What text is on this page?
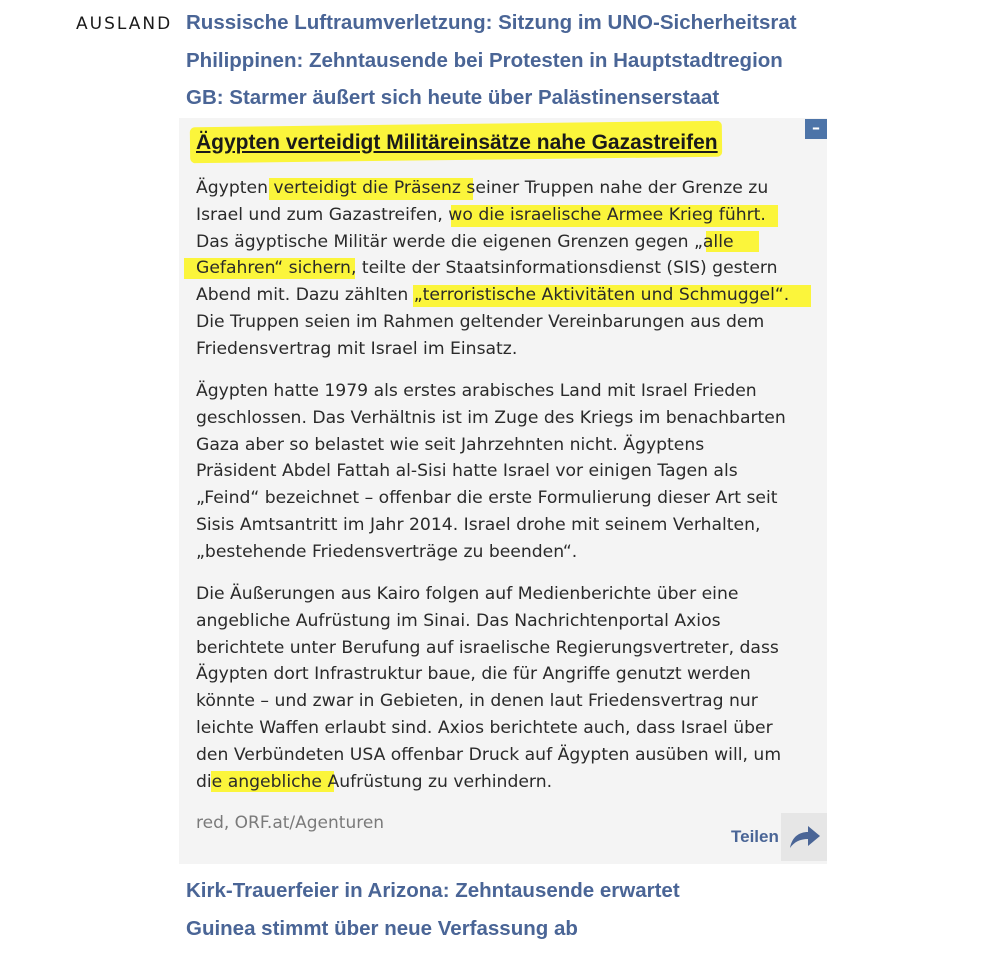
AUSLAND Russische Luftraumverletzung: Sitzung im UNO-Sicherheitsrat
Philippinen: Zehntausende bei Protesten in Hauptstadtregion
GB: Starmer äußert sich heute über Palästinenserstaat
–
Ägypten verteidigt Militäreinsätze nahe Gazastreifen
Ägypten verteidigt die Präsenz seiner Truppen nahe der Grenze zu
Israel und zum Gazastreifen, wo die israelische Armee Krieg führt.
Das ägyptische Militär werde die eigenen Grenzen gegen „alle
Gefahren“ sichern, teilte der Staatsinformationsdienst (SIS) gestern
Abend mit. Dazu zählten „terroristische Aktivitäten und Schmuggel“.
Die Truppen seien im Rahmen geltender Vereinbarungen aus dem
Friedensvertrag mit Israel im Einsatz.
Ägypten hatte 1979 als erstes arabisches Land mit Israel Frieden
geschlossen. Das Verhältnis ist im Zuge des Kriegs im benachbarten
Gaza aber so belastet wie seit Jahrzehnten nicht. Ägyptens
Präsident Abdel Fattah al-Sisi hatte Israel vor einigen Tagen als
„Feind“ bezeichnet – offenbar die erste Formulierung dieser Art seit
Sisis Amtsantritt im Jahr 2014. Israel drohe mit seinem Verhalten,
„bestehende Friedensverträge zu beenden“.
Die Äußerungen aus Kairo folgen auf Medienberichte über eine
angebliche Aufrüstung im Sinai. Das Nachrichtenportal Axios
berichtete unter Berufung auf israelische Regierungsvertreter, dass
Ägypten dort Infrastruktur baue, die für Angriffe genutzt werden
könnte – und zwar in Gebieten, in denen laut Friedensvertrag nur
leichte Waffen erlaubt sind. Axios berichtete auch, dass Israel über
den Verbündeten USA offenbar Druck auf Ägypten ausüben will, um
die angebliche Aufrüstung zu verhindern.
red, ORF.at/Agenturen
Teilen
Kirk-Trauerfeier in Arizona: Zehntausende erwartet
Guinea stimmt über neue Verfassung ab
